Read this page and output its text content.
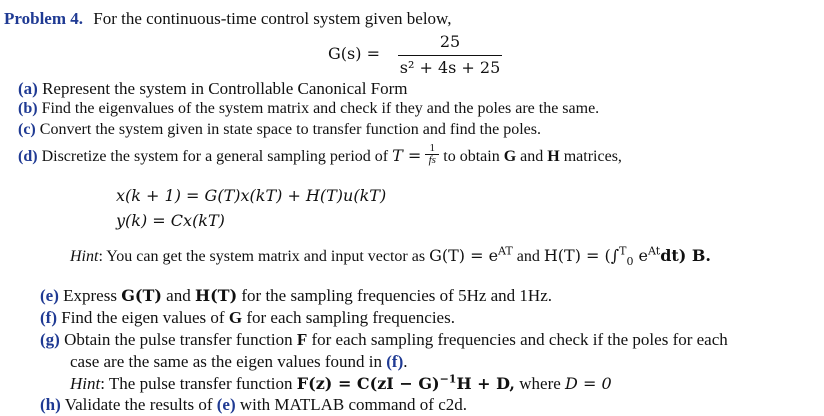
Problem 4. For the continuous-time control system given below,
G(s) =
25
s² + 4s + 25
(a) Represent the system in Controllable Canonical Form
(b) Find the eigenvalues of the system matrix and check if they and the poles are the same.
(c) Convert the system given in state space to transfer function and find the poles.
(d) Discretize the system for a general sampling period of $T = \frac{1}{fs}$ to obtain G and H matrices,
x(k + 1) = G(T)x(kT) + H(T)u(kT)
y(k) = Cx(kT)
Hint: You can get the system matrix and input vector as $G(T) = e^{AT}$ and H(T) = (∫$^T_0$ $e^{At}dt$) B.
(e) Express G(T) and H(T) for the sampling frequencies of 5Hz and 1Hz.
(f) Find the eigen values of G for each sampling frequencies.
(g) Obtain the pulse transfer function F for each sampling frequencies and check if the poles for each
case are the same as the eigen values found in (f).
Hint: The pulse transfer function F(z) = C(zI − G)$^{-1}$H + D, where D = 0
(h) Validate the results of (e) with MATLAB command of c2d.
